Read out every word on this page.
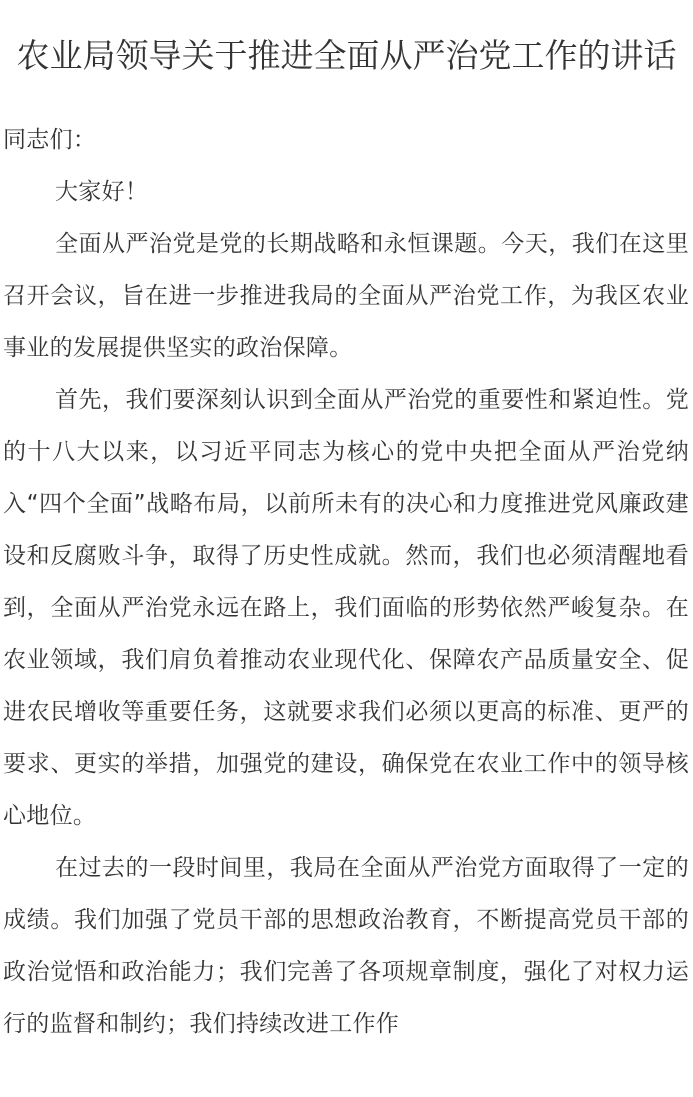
农业局领导关于推进全面从严治党工作的讲话

同志们：

大家好！

全面从严治党是党的长期战略和永恒课题。今天，我们在这里召开会议，旨在进一步推进我局的全面从严治党工作，为我区农业事业的发展提供坚实的政治保障。

首先，我们要深刻认识到全面从严治党的重要性和紧迫性。党的十八大以来，以习近平同志为核心的党中央把全面从严治党纳入“四个全面”战略布局，以前所未有的决心和力度推进党风廉政建设和反腐败斗争，取得了历史性成就。然而，我们也必须清醒地看到，全面从严治党永远在路上，我们面临的形势依然严峻复杂。在农业领域，我们肩负着推动农业现代化、保障农产品质量安全、促进农民增收等重要任务，这就要求我们必须以更高的标准、更严的要求、更实的举措，加强党的建设，确保党在农业工作中的领导核心地位。

在过去的一段时间里，我局在全面从严治党方面取得了一定的成绩。我们加强了党员干部的思想政治教育，不断提高党员干部的政治觉悟和政治能力；我们完善了各项规章制度，强化了对权力运行的监督和制约；我们持续改进工作作
